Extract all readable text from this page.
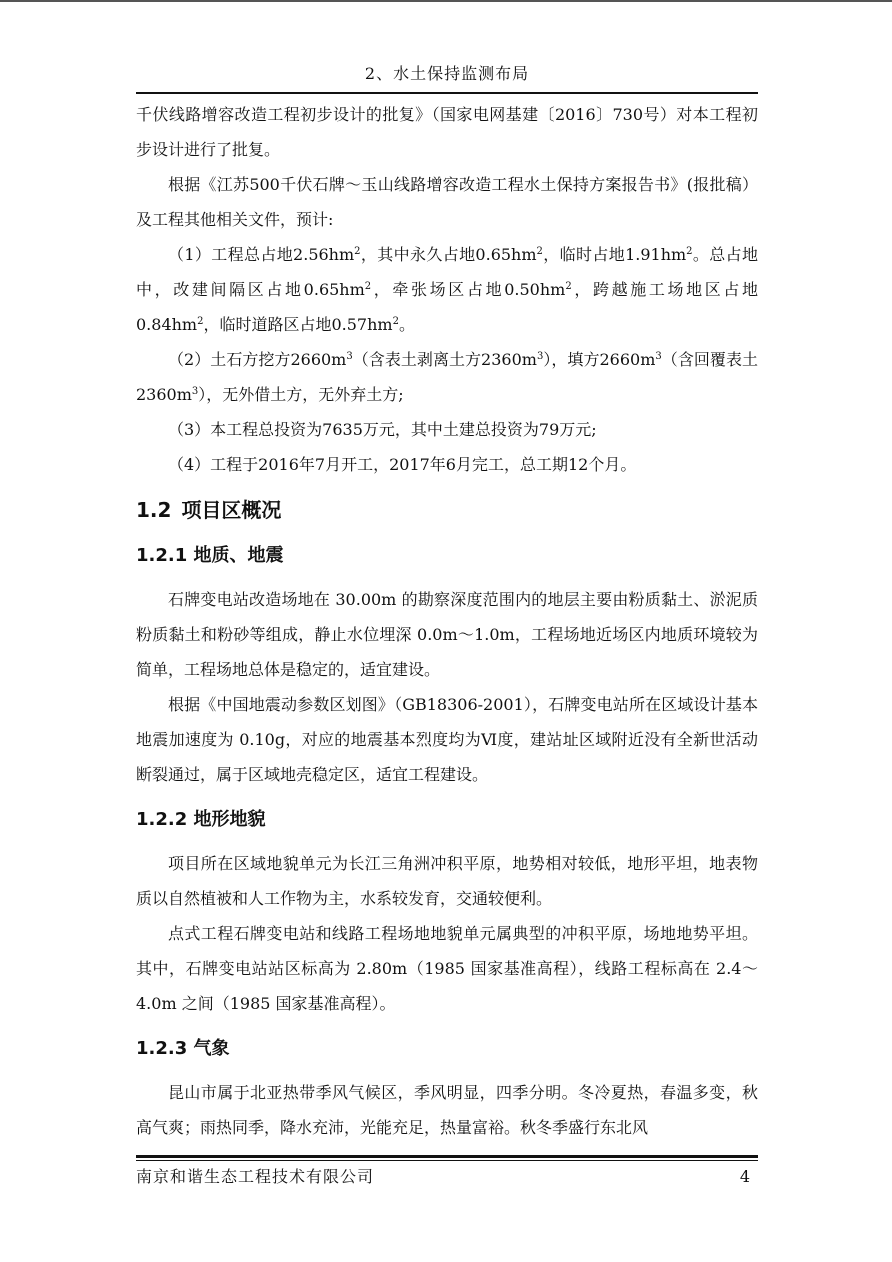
2、水土保持监测布局

千伏线路增容改造工程初步设计的批复》（国家电网基建〔2016〕730号）对本工程初步设计进行了批复。

根据《江苏500千伏石牌～玉山线路增容改造工程水土保持方案报告书》(报批稿）及工程其他相关文件，预计:

（1）工程总占地$2.56hm^2$，其中永久占地$0.65hm^2$，临时占地$1.91hm^2$。总占地中，改建间隔区占地$0.65hm^2$，牵张场区占地$0.50hm^2$，跨越施工场地区占地$0.84hm^2$，临时道路区占地$0.57hm^2$。

（2）土石方挖方$2660m^3$（含表土剥离土方$2360m^3$），填方$2660m^3$（含回覆表土$2360m^3$），无外借土方，无外弃土方;

（3）本工程总投资为7635万元，其中土建总投资为79万元;

（4）工程于2016年7月开工，2017年6月完工，总工期12个月。

1.2 项目区概况
1.2.1 地质、地震

石牌变电站改造场地在 30.00m 的勘察深度范围内的地层主要由粉质黏土、淤泥质粉质黏土和粉砂等组成，静止水位埋深 0.0m～1.0m，工程场地近场区内地质环境较为简单，工程场地总体是稳定的，适宜建设。

根据《中国地震动参数区划图》（GB18306-2001），石牌变电站所在区域设计基本地震加速度为 0.10g，对应的地震基本烈度均为Ⅵ度，建站址区域附近没有全新世活动断裂通过，属于区域地壳稳定区，适宜工程建设。

1.2.2 地形地貌

项目所在区域地貌单元为长江三角洲冲积平原，地势相对较低，地形平坦，地表物质以自然植被和人工作物为主，水系较发育，交通较便利。

点式工程石牌变电站和线路工程场地地貌单元属典型的冲积平原，场地地势平坦。其中，石牌变电站站区标高为 2.80m（1985 国家基准高程），线路工程标高在 2.4～4.0m 之间（1985 国家基准高程）。

1.2.3 气象

昆山市属于北亚热带季风气候区，季风明显，四季分明。冬冷夏热，春温多变，秋高气爽；雨热同季，降水充沛，光能充足，热量富裕。秋冬季盛行东北风

南京和谐生态工程技术有限公司	4
